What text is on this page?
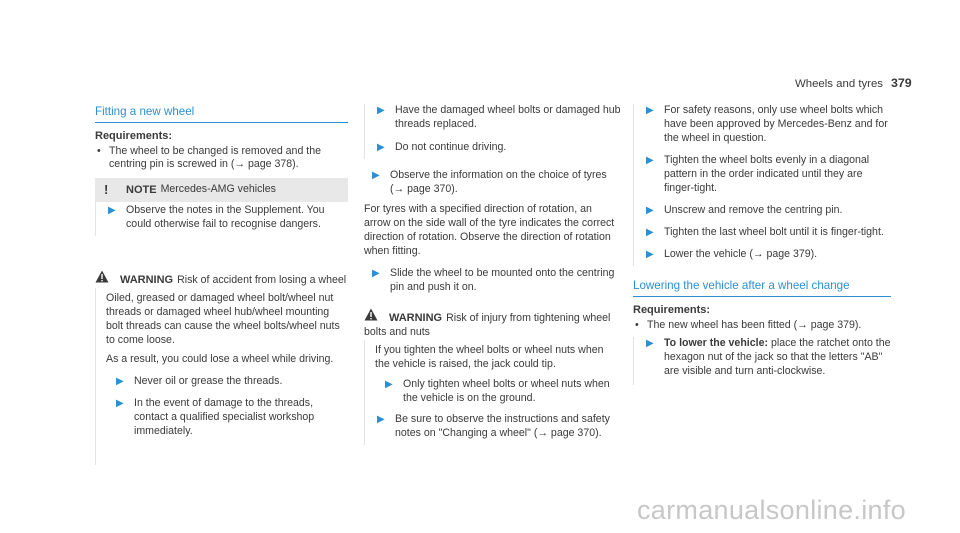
Wheels and tyres 379

Fitting a new wheel

Requirements:

• The wheel to be changed is removed and the centring pin is screwed in (→ page 378).
!	NOTE Mercedes-AMG vehicles
▶ Observe the notes in the Supplement. You could otherwise fail to recognise dangers.
WARNING Risk of accident from losing a wheel

Oiled, greased or damaged wheel bolt/wheel nut threads or damaged wheel hub/wheel mounting bolt threads can cause the wheel bolts/wheel nuts to come loose.

As a result, you could lose a wheel while driving.

▶ Never oil or grease the threads.
▶ In the event of damage to the threads, contact a qualified specialist workshop immediately.
▶ Have the damaged wheel bolts or damaged hub threads replaced.
▶ Do not continue driving.
▶ Observe the information on the choice of tyres (→ page 370).

For tyres with a specified direction of rotation, an arrow on the side wall of the tyre indicates the correct direction of rotation. Observe the direction of rotation when fitting.

▶ Slide the wheel to be mounted onto the centring pin and push it on.
WARNING Risk of injury from tightening wheel bolts and nuts

If you tighten the wheel bolts or wheel nuts when the vehicle is raised, the jack could tip.

▶ Only tighten wheel bolts or wheel nuts when the vehicle is on the ground.
▶ Be sure to observe the instructions and safety notes on "Changing a wheel" (→ page 370).
▶ For safety reasons, only use wheel bolts which have been approved by Mercedes-Benz and for the wheel in question.
▶ Tighten the wheel bolts evenly in a diagonal pattern in the order indicated until they are finger-tight.
▶ Unscrew and remove the centring pin.
▶ Tighten the last wheel bolt until it is finger-tight.
▶ Lower the vehicle (→ page 379).

Lowering the vehicle after a wheel change

Requirements:

• The new wheel has been fitted (→ page 379).
▶ To lower the vehicle: place the ratchet onto the hexagon nut of the jack so that the letters "AB" are visible and turn anti-clockwise.
carmanualsonline.info
